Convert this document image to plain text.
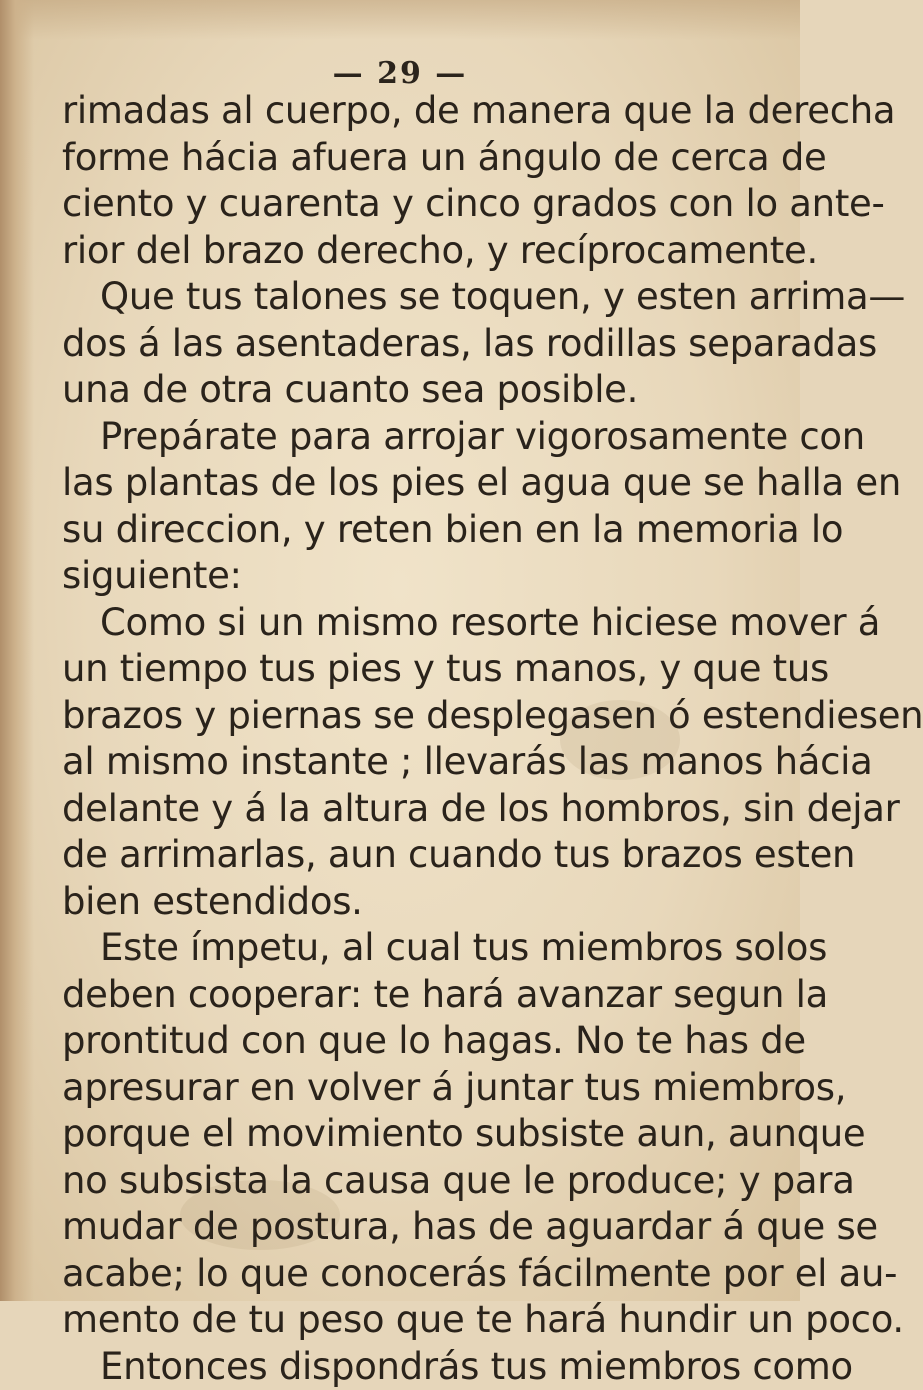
— 29 —
rimadas al cuerpo, de manera que la derecha
forme hácia afuera un ángulo de cerca de
ciento y cuarenta y cinco grados con lo ante-
rior del brazo derecho, y recíprocamente.
Que tus talones se toquen, y esten arrima—
dos á las asentaderas, las rodillas separadas
una de otra cuanto sea posible.
Prepárate para arrojar vigorosamente con
las plantas de los pies el agua que se halla en
su direccion, y reten bien en la memoria lo
siguiente:
Como si un mismo resorte hiciese mover á
un tiempo tus pies y tus manos, y que tus
brazos y piernas se desplegasen ó estendiesen
al mismo instante ; llevarás las manos hácia
delante y á la altura de los hombros, sin dejar
de arrimarlas, aun cuando tus brazos esten
bien estendidos.
Este ímpetu, al cual tus miembros solos
deben cooperar: te hará avanzar segun la
prontitud con que lo hagas. No te has de
apresurar en volver á juntar tus miembros,
porque el movimiento subsiste aun, aunque
no subsista la causa que le produce; y para
mudar de postura, has de aguardar á que se
acabe; lo que conocerás fácilmente por el au-
mento de tu peso que te hará hundir un poco.
Entonces dispondrás tus miembros como
